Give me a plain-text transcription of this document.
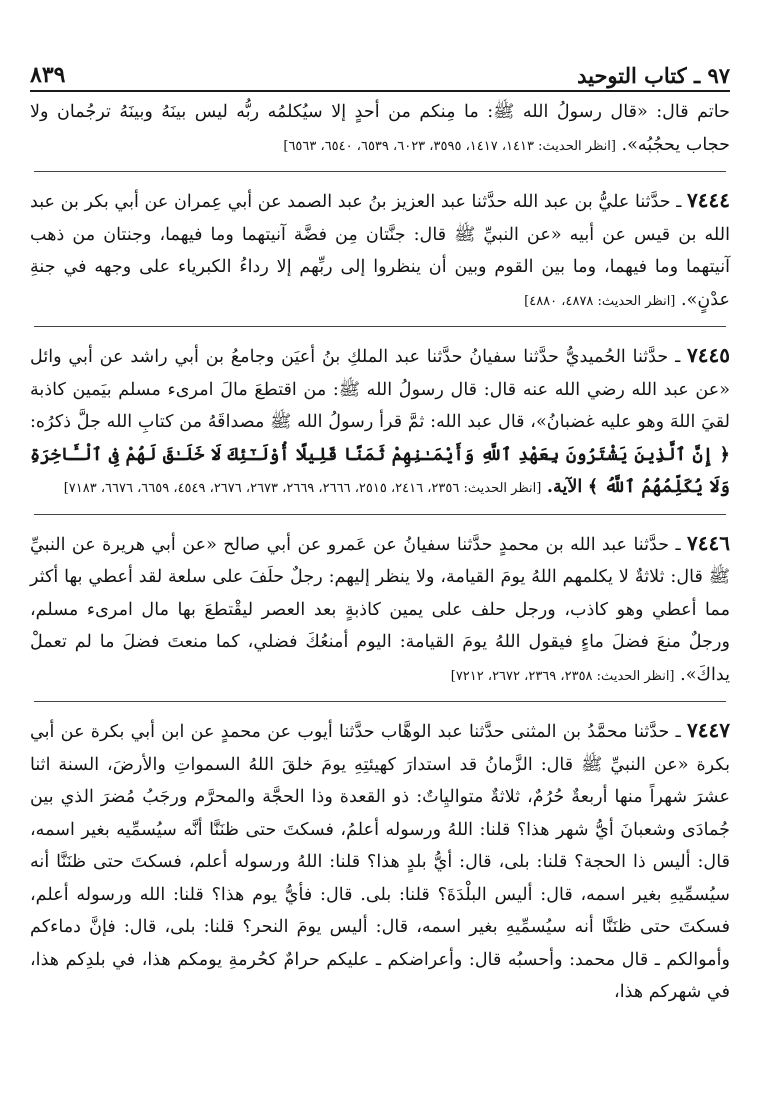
٨٣٩	٩٧ ـ كتاب التوحيد

حاتم قال: «قال رسولُ الله ﷺ: ما مِنكم من أحدٍ إلا سيُكلمُه ربُّه ليس بينَهُ وبينَهُ ترجُمان ولا حجاب يحجُبُه». [انظر الحديث: ١٤١٣، ١٤١٧، ٣٥٩٥، ٦٠٢٣، ٦٥٣٩، ٦٥٤٠، ٦٥٦٣]

٧٤٤٤ ـ حدَّثنا عليُّ بن عبد الله حدَّثنا عبد العزيز بنُ عبد الصمد عن أبي عِمران عن أبي بكر بن عبد الله بن قيس عن أبيه «عن النبيِّ ﷺ قال: جنَّتان مِن فضَّة آنيتهما وما فيهما، وجنتان من ذهب آنيتهما وما فيهما، وما بين القوم وبين أن ينظروا إلى ربِّهم إلا رداءُ الكبرياء على وجهه في جنةِ عدْنٍ». [انظر الحديث: ٤٨٧٨، ٤٨٨٠]

٧٤٤٥ ـ حدَّثنا الحُميديُّ حدَّثنا سفيانُ حدَّثنا عبد الملكِ بنُ أعيَن وجامعُ بن أبي راشد عن أبي وائل «عن عبد الله رضي الله عنه قال: قال رسولُ الله ﷺ: من اقتطعَ مالَ امرىء مسلم بيَمين كاذبة لقيَ اللهَ وهو عليه غضبانُ»، قال عبد الله: ثمَّ قرأ رسولُ الله ﷺ مصداقَهُ من كتابِ الله جلَّ ذكرُه: ﴿ إِنَّ ٱلَّذِينَ يَشْتَرُونَ بِعَهْدِ ٱللَّهِ وَأَيْمَـٰنِهِمْ ثَمَنًا قَلِيلًا أُوْلَـٰٓئِكَ لَا خَلَـٰقَ لَهُمْ فِى ٱلْـَٔاخِرَةِ وَلَا يُكَلِّمُهُمُ ٱللَّهُ ﴾ الآية. [انظر الحديث: ٢٣٥٦، ٢٤١٦، ٢٥١٥، ٢٦٦٦، ٢٦٦٩، ٢٦٧٣، ٢٦٧٦، ٤٥٤٩، ٦٦٥٩، ٦٦٧٦، ٧١٨٣]

٧٤٤٦ ـ حدَّثنا عبد الله بن محمدٍ حدَّثنا سفيانُ عن عَمرو عن أبي صالح «عن أبي هريرة عن النبيِّ ﷺ قال: ثلاثةٌ لا يكلمهم اللهُ يومَ القيامة، ولا ينظر إليهم: رجلٌ حلَفَ على سلعة لقد أعطي بها أكثر مما أعطي وهو كاذب، ورجل حلف على يمين كاذبةٍ بعد العصر ليقْتطعَ بها مال امرىء مسلم، ورجلٌ منعَ فضلَ ماءٍ فيقول اللهُ يومَ القيامة: اليوم أمنعُكَ فضلي، كما منعتَ فضلَ ما لم تعملْ يداكَ». [انظر الحديث: ٢٣٥٨، ٢٣٦٩، ٢٦٧٢، ٧٢١٢]

٧٤٤٧ ـ حدَّثنا محمَّدُ بن المثنى حدَّثنا عبد الوهَّاب حدَّثنا أيوب عن محمدٍ عن ابن أبي بكرة عن أبي بكرة «عن النبيِّ ﷺ قال: الزَّمانُ قد استدارَ كهيئتِهِ يومَ خلقَ اللهُ السمواتِ والأرضَ، السنة اثنا عشرَ شهراً منها أربعةٌ حُرُمٌ، ثلاثةٌ متواليِاتٌ: ذو القعدة وذا الحجَّة والمحرَّم ورجَبُ مُضرَ الذي بين جُمادَى وشعبانَ أيُّ شهر هذا؟ قلنا: اللهُ ورسوله أعلمُ، فسكتَ حتى ظنَنَّا أنَّه سيُسمِّيه بغير اسمه، قال: أليس ذا الحجة؟ قلنا: بلى، قال: أيُّ بلدٍ هذا؟ قلنا: اللهُ ورسوله أعلم، فسكتَ حتى ظنَنَّا أنه سيُسمِّيهِ بغير اسمه، قال: أليس البلْدَةَ؟ قلنا: بلى. قال: فأيُّ يوم هذا؟ قلنا: الله ورسوله أعلم، فسكتَ حتى ظنَنَّا أنه سيُسمِّيهِ بغير اسمه، قال: أليس يومَ النحر؟ قلنا: بلى، قال: فإنَّ دماءكم وأموالكم ـ قال محمد: وأحسبُه قال: وأعراضكم ـ عليكم حرامٌ كحُرمةِ يومكم هذا، في بلدِكم هذا، في شهركم هذا،
